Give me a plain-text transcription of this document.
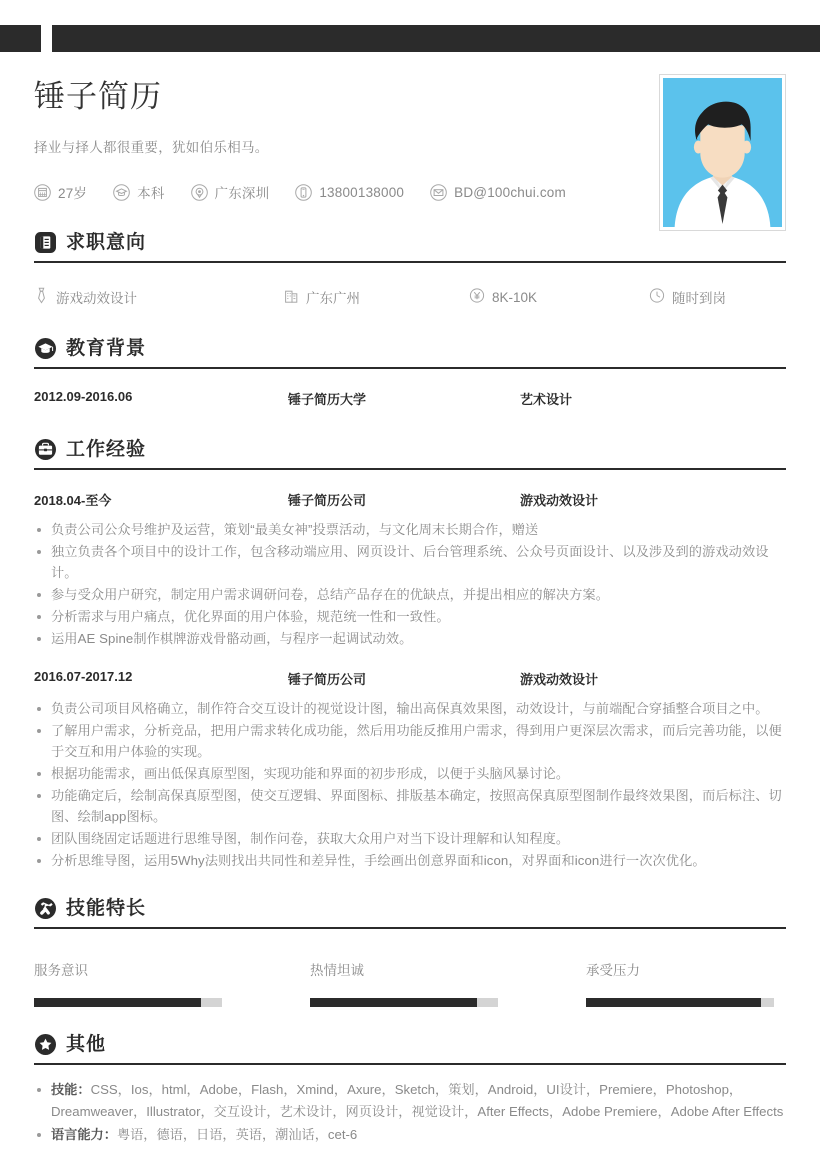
锤子简历
择业与择人都很重要，犹如伯乐相马。
27岁	本科	广东深圳	13800138000	BD@100chui.com
求职意向
游戏动效设计	广东广州	8K-10K	随时到岗
教育背景
2012.09-2016.06	锤子简历大学	艺术设计
工作经验
2018.04-至今	锤子简历公司	游戏动效设计
负责公司公众号维护及运营，策划“最美女神”投票活动，与文化周末长期合作，赠送
独立负责各个项目中的设计工作，包含移动端应用、网页设计、后台管理系统、公众号页面设计、以及涉及到的游戏动效设计。
参与受众用户研究，制定用户需求调研问卷，总结产品存在的优缺点，并提出相应的解决方案。
分析需求与用户痛点，优化界面的用户体验，规范统一性和一致性。
运用AE Spine制作棋牌游戏骨骼动画，与程序一起调试动效。
2016.07-2017.12	锤子简历公司	游戏动效设计
负责公司项目风格确立，制作符合交互设计的视觉设计图，输出高保真效果图，动效设计，与前端配合穿插整合项目之中。
了解用户需求，分析竞品，把用户需求转化成功能，然后用功能反推用户需求，得到用户更深层次需求，而后完善功能，以便于交互和用户体验的实现。
根据功能需求，画出低保真原型图，实现功能和界面的初步形成，以便于头脑风暴讨论。
功能确定后，绘制高保真原型图，使交互逻辑、界面图标、排版基本确定，按照高保真原型图制作最终效果图，而后标注、切图、绘制app图标。
团队围绕固定话题进行思维导图，制作问卷，获取大众用户对当下设计理解和认知程度。
分析思维导图，运用5Why法则找出共同性和差异性，手绘画出创意界面和icon，对界面和icon进行一次次优化。
技能特长
服务意识	热情坦诚	承受压力
其他
技能：CSS，Ios，html，Adobe，Flash，Xmind，Axure，Sketch，策划，Android，UI设计，Premiere，Photoshop，Dreamweaver，Illustrator，交互设计，艺术设计，网页设计，视觉设计，After Effects，Adobe Premiere，Adobe After Effects
语言能力：粤语，德语，日语，英语，潮汕话，cet-6
